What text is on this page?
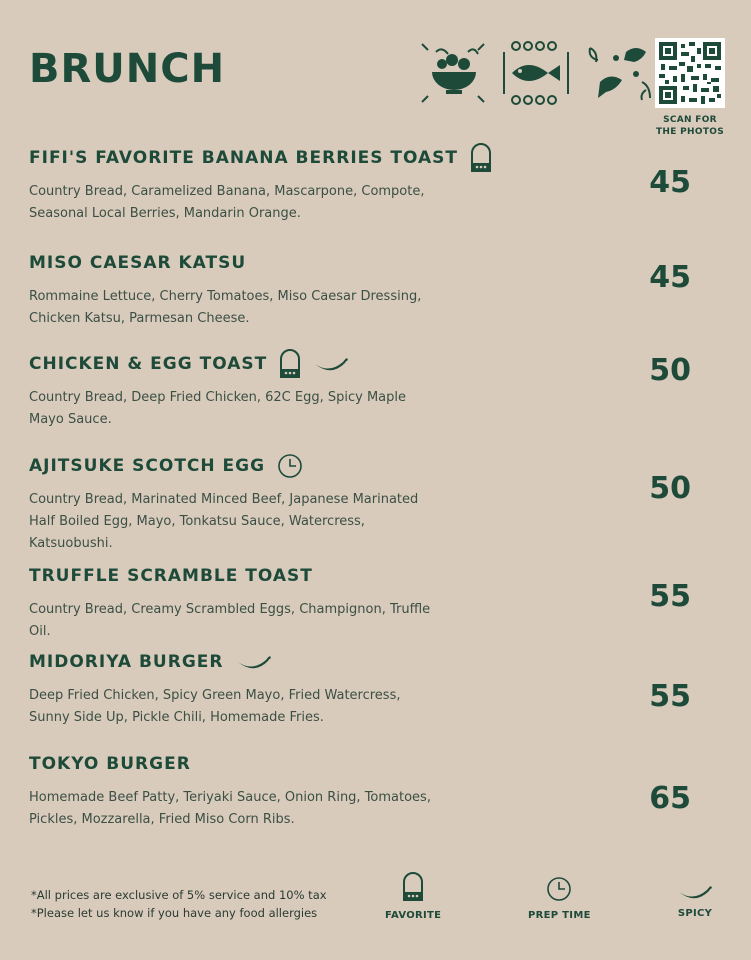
BRUNCH
SCAN FOR
THE PHOTOS
FIFI'S FAVORITE BANANA BERRIES TOAST
Country Bread, Caramelized Banana, Mascarpone, Compote,
Seasonal Local Berries, Mandarin Orange.
45
MISO CAESAR KATSU
Rommaine Lettuce, Cherry Tomatoes, Miso Caesar Dressing,
Chicken Katsu, Parmesan Cheese.
45
CHICKEN & EGG TOAST
Country Bread, Deep Fried Chicken, 62C Egg, Spicy Maple
Mayo Sauce.
50
AJITSUKE SCOTCH EGG
Country Bread, Marinated Minced Beef, Japanese Marinated
Half Boiled Egg, Mayo, Tonkatsu Sauce, Watercress, Katsuobushi.
50
TRUFFLE SCRAMBLE TOAST
Country Bread, Creamy Scrambled Eggs, Champignon, Truffle Oil.
55
MIDORIYA BURGER
Deep Fried Chicken, Spicy Green Mayo, Fried Watercress,
Sunny Side Up, Pickle Chili, Homemade Fries.
55
TOKYO BURGER
Homemade Beef Patty, Teriyaki Sauce, Onion Ring, Tomatoes,
Pickles, Mozzarella, Fried Miso Corn Ribs.
65
*All prices are exclusive of 5% service and 10% tax
*Please let us know if you have any food allergies	FAVORITE	PREP TIME	SPICY
